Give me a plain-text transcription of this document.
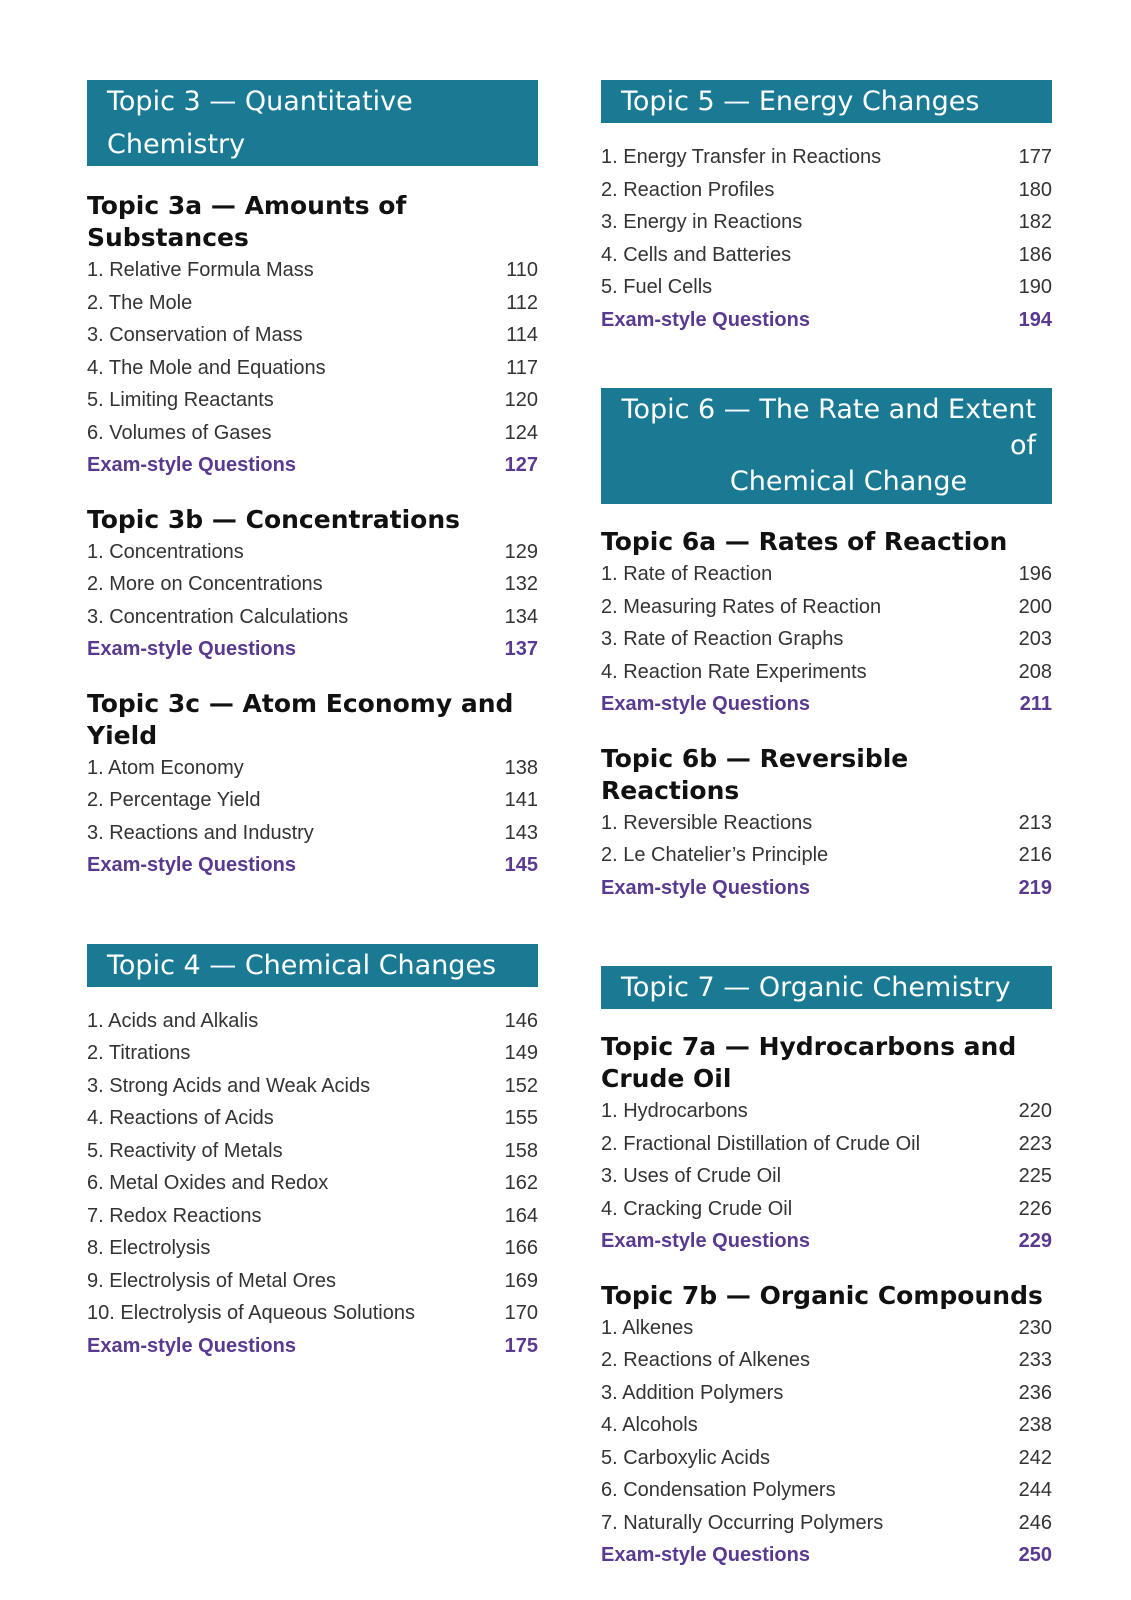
Topic 3 — Quantitative Chemistry
Topic 3a — Amounts of Substances
1. Relative Formula Mass	110
2. The Mole	112
3. Conservation of Mass	114
4. The Mole and Equations	117
5. Limiting Reactants	120
6. Volumes of Gases	124
Exam-style Questions	127
Topic 3b — Concentrations
1. Concentrations	129
2. More on Concentrations	132
3. Concentration Calculations	134
Exam-style Questions	137
Topic 3c — Atom Economy and Yield
1. Atom Economy	138
2. Percentage Yield	141
3. Reactions and Industry	143
Exam-style Questions	145
Topic 4 — Chemical Changes
1. Acids and Alkalis	146
2. Titrations	149
3. Strong Acids and Weak Acids	152
4. Reactions of Acids	155
5. Reactivity of Metals	158
6. Metal Oxides and Redox	162
7. Redox Reactions	164
8. Electrolysis	166
9. Electrolysis of Metal Ores	169
10. Electrolysis of Aqueous Solutions	170
Exam-style Questions	175
Topic 5 — Energy Changes
1. Energy Transfer in Reactions	177
2. Reaction Profiles	180
3. Energy in Reactions	182
4. Cells and Batteries	186
5. Fuel Cells	190
Exam-style Questions	194
Topic 6 — The Rate and Extent of
Chemical Change
Topic 6a — Rates of Reaction
1. Rate of Reaction	196
2. Measuring Rates of Reaction	200
3. Rate of Reaction Graphs	203
4. Reaction Rate Experiments	208
Exam-style Questions	211
Topic 6b — Reversible Reactions
1. Reversible Reactions	213
2. Le Chatelier’s Principle	216
Exam-style Questions	219
Topic 7 — Organic Chemistry
Topic 7a — Hydrocarbons and
Crude Oil
1. Hydrocarbons	220
2. Fractional Distillation of Crude Oil	223
3. Uses of Crude Oil	225
4. Cracking Crude Oil	226
Exam-style Questions	229
Topic 7b — Organic Compounds
1. Alkenes	230
2. Reactions of Alkenes	233
3. Addition Polymers	236
4. Alcohols	238
5. Carboxylic Acids	242
6. Condensation Polymers	244
7. Naturally Occurring Polymers	246
Exam-style Questions	250
